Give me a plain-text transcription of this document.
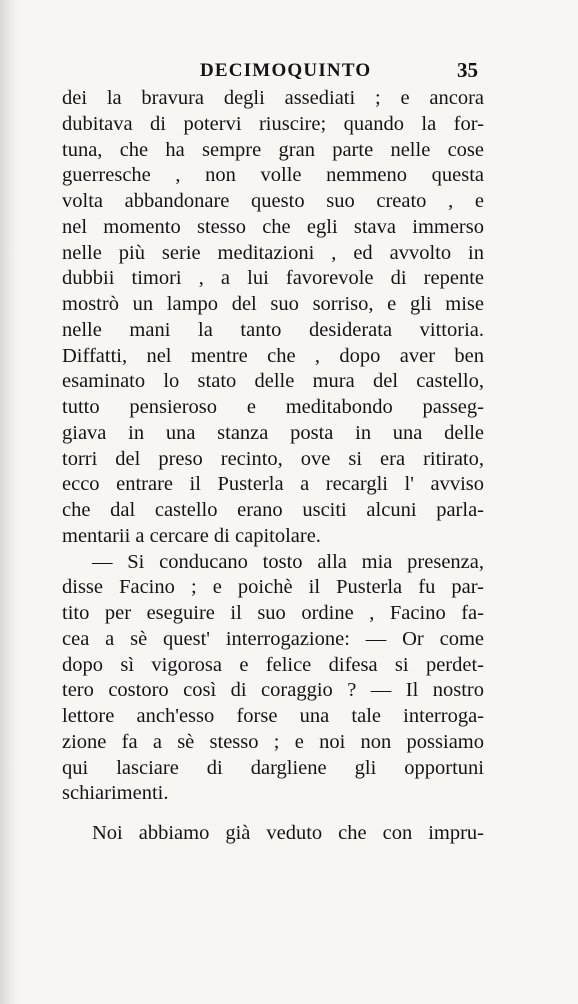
DECIMOQUINTO	35
dei la bravura degli assediati ; e ancora
dubitava di potervi riuscire; quando la for-
tuna, che ha sempre gran parte nelle cose
guerresche , non volle nemmeno questa
volta abbandonare questo suo creato , e
nel momento stesso che egli stava immerso
nelle più serie meditazioni , ed avvolto in
dubbii timori , a lui favorevole di repente
mostrò un lampo del suo sorriso, e gli mise
nelle mani la tanto desiderata vittoria.
Diffatti, nel mentre che , dopo aver ben
esaminato lo stato delle mura del castello,
tutto pensieroso e meditabondo passeg-
giava in una stanza posta in una delle
torri del preso recinto, ove si era ritirato,
ecco entrare il Pusterla a recargli l' avviso
che dal castello erano usciti alcuni parla-
mentarii a cercare di capitolare.
— Si conducano tosto alla mia presenza,
disse Facino ; e poichè il Pusterla fu par-
tito per eseguire il suo ordine , Facino fa-
cea a sè quest' interrogazione: — Or come
dopo sì vigorosa e felice difesa si perdet-
tero costoro così di coraggio ? — Il nostro
lettore anch'esso forse una tale interroga-
zione fa a sè stesso ; e noi non possiamo
qui lasciare di dargliene gli opportuni
schiarimenti.
Noi abbiamo già veduto che con impru-
